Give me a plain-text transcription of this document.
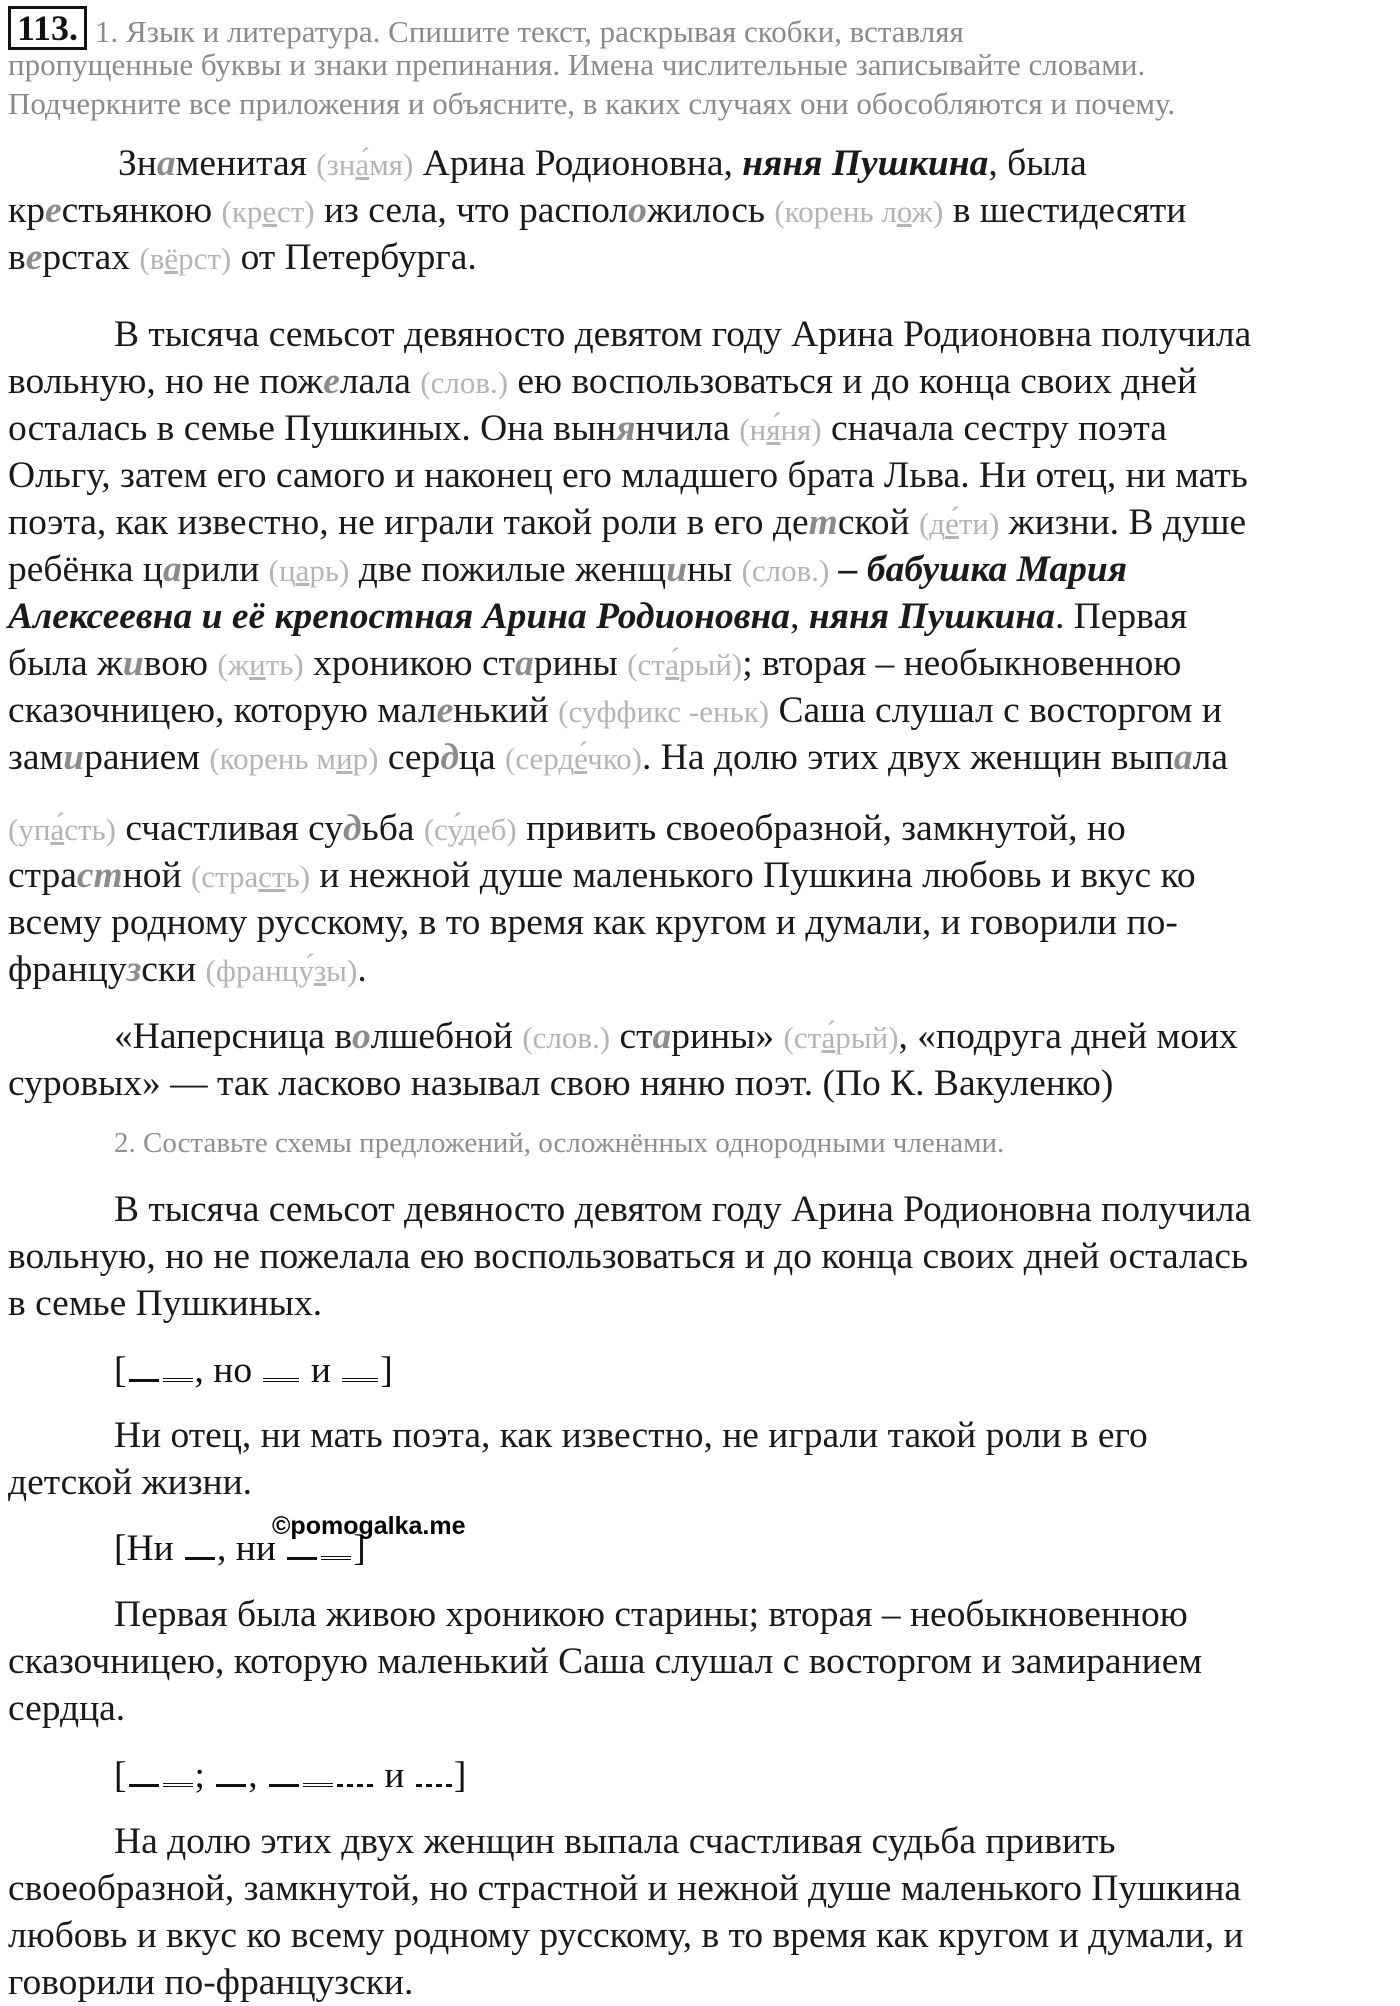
113. 1. Язык и литература. Спишите текст, раскрывая скобки, вставляя
пропущенные буквы и знаки препинания. Имена числительные записывайте словами.
Подчеркните все приложения и объясните, в каких случаях они обособляются и почему.
Знаменитая (зна́мя) Арина Родионовна, няня Пушкина, была
крестьянкою (крест) из села, что расположилось (корень лож) в шестидесяти
верстах (вёрст) от Петербурга.
В тысяча семьсот девяносто девятом году Арина Родионовна получила
вольную, но не пожелала (слов.) ею воспользоваться и до конца своих дней
осталась в семье Пушкиных. Она вынянчила (ня́ня) сначала сестру поэта
Ольгу, затем его самого и наконец его младшего брата Льва. Ни отец, ни мать
поэта, как известно, не играли такой роли в его детской (де́ти) жизни. В душе
ребёнка царили (царь) две пожилые женщины (слов.) – бабушка Мария
Алексеевна и её крепостная Арина Родионовна, няня Пушкина. Первая
была живою (жить) хроникою старины (ста́рый); вторая – необыкновенною
сказочницею, которую маленький (суффикс -еньк) Саша слушал с восторгом и
замиранием (корень мир) сердца (серде́чко). На долю этих двух женщин выпала
(упа́сть) счастливая судьба (су́деб) привить своеобразной, замкнутой, но
страстной (страсть) и нежной душе маленького Пушкина любовь и вкус ко
всему родному русскому, в то время как кругом и думали, и говорили по-
французски (францу́зы).
«Наперсница волшебной (слов.) старины» (ста́рый), «подруга дней моих
суровых» — так ласково называл свою няню поэт. (По К. Вакуленко)
2. Составьте схемы предложений, осложнённых однородными членами.
В тысяча семьсот девяносто девятом году Арина Родионовна получила
вольную, но не пожелала ею воспользоваться и до конца своих дней осталась
в семье Пушкиных.
[ , но  и ]
Ни отец, ни мать поэта, как известно, не играли такой роли в его
детской жизни.
[Ни , ни ]
Первая была живою хроникою старины; вторая – необыкновенною
сказочницею, которую маленький Саша слушал с восторгом и замиранием
сердца.
[ ; ,	и ]
На долю этих двух женщин выпала счастливая судьба привить
своеобразной, замкнутой, но страстной и нежной душе маленького Пушкина
любовь и вкус ко всему родному русскому, в то время как кругом и думали, и
говорили по-французски.
©pomogalka.me
